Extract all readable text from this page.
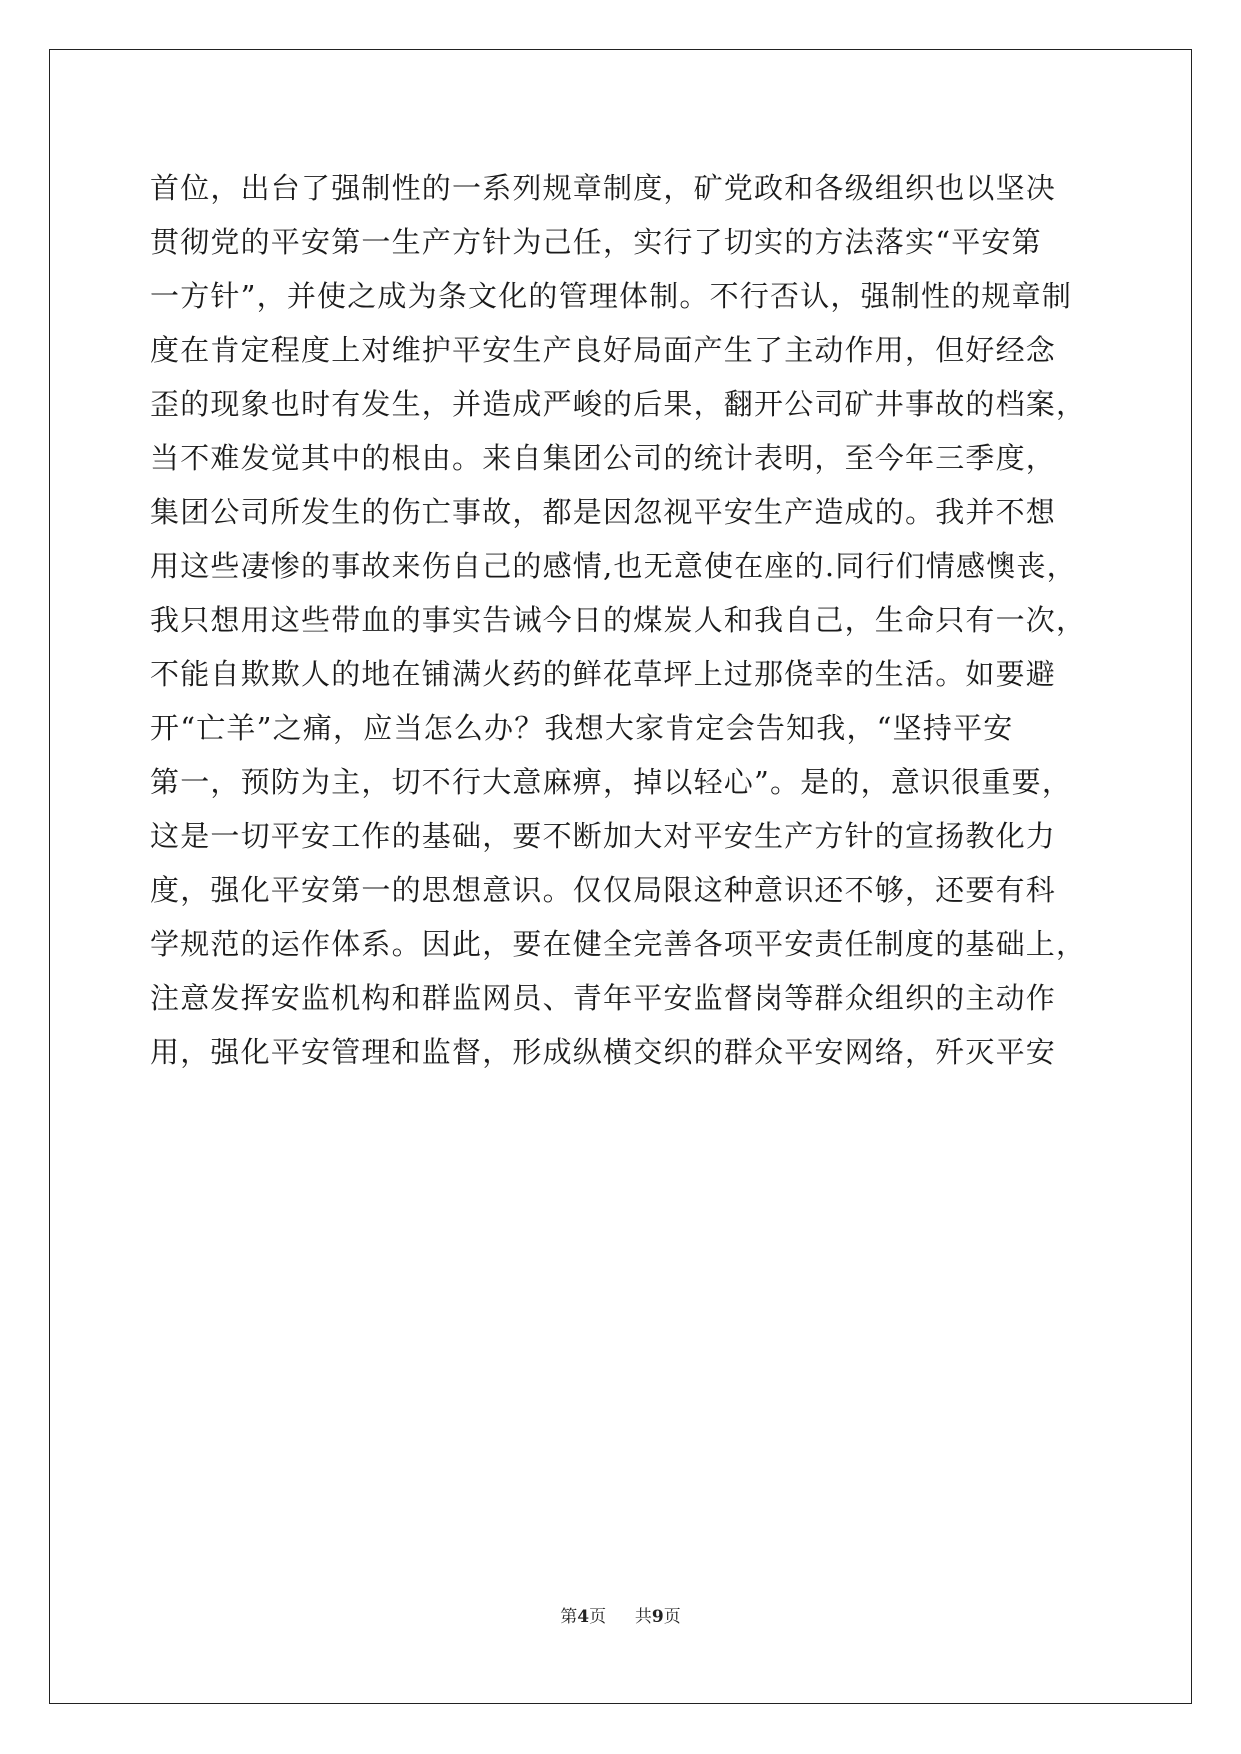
首位，出台了强制性的一系列规章制度，矿党政和各级组织也以坚决
贯彻党的平安第一生产方针为己任，实行了切实的方法落实“平安第
一方针”，并使之成为条文化的管理体制。不行否认，强制性的规章制
度在肯定程度上对维护平安生产良好局面产生了主动作用，但好经念
歪的现象也时有发生，并造成严峻的后果，翻开公司矿井事故的档案，
当不难发觉其中的根由。来自集团公司的统计表明，至今年三季度，
集团公司所发生的伤亡事故，都是因忽视平安生产造成的。我并不想
用这些凄惨的事故来伤自己的感情,也无意使在座的.同行们情感懊丧，
我只想用这些带血的事实告诫今日的煤炭人和我自己，生命只有一次，
不能自欺欺人的地在铺满火药的鲜花草坪上过那侥幸的生活。如要避
开“亡羊”之痛，应当怎么办？我想大家肯定会告知我，“坚持平安
第一，预防为主，切不行大意麻痹，掉以轻心”。是的，意识很重要，
这是一切平安工作的基础，要不断加大对平安生产方针的宣扬教化力
度，强化平安第一的思想意识。仅仅局限这种意识还不够，还要有科
学规范的运作体系。因此，要在健全完善各项平安责任制度的基础上，
注意发挥安监机构和群监网员、青年平安监督岗等群众组织的主动作
用，强化平安管理和监督，形成纵横交织的群众平安网络，歼灭平安
第4页 共9页
